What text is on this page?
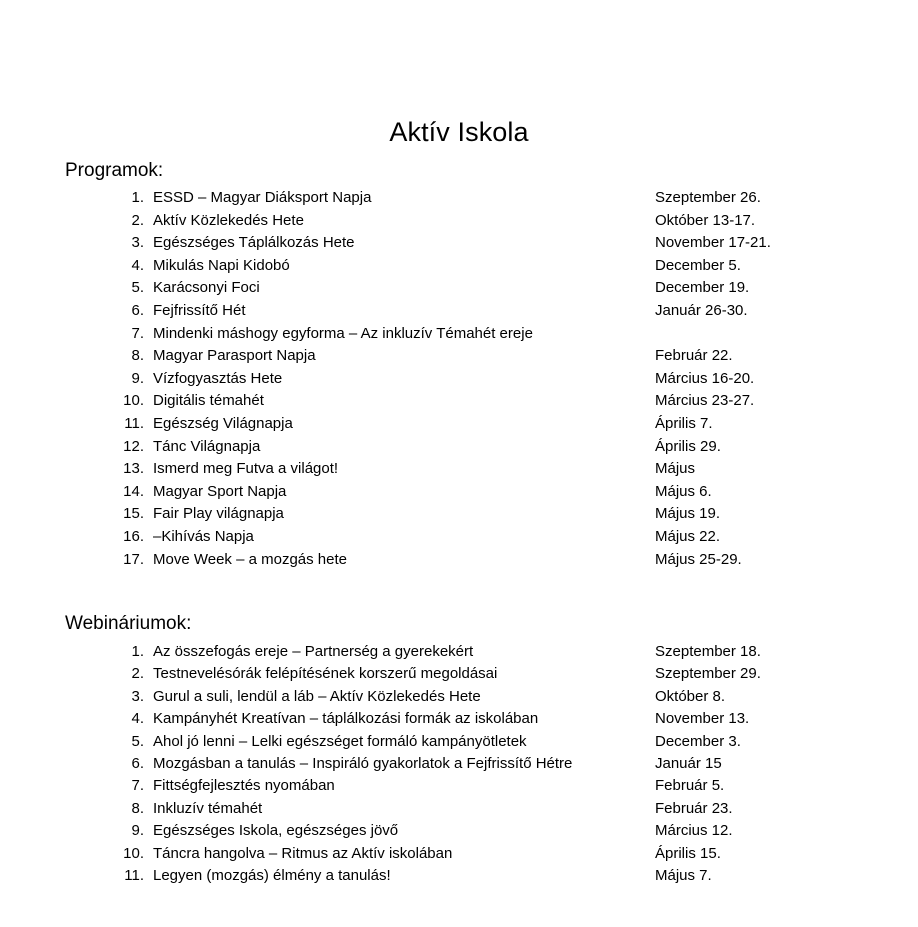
Aktív Iskola
Programok:
1. ESSD – Magyar Diáksport Napja	Szeptember 26.
2. Aktív Közlekedés Hete	Október 13-17.
3. Egészséges Táplálkozás Hete	November 17-21.
4. Mikulás Napi Kidobó	December 5.
5. Karácsonyi Foci	December 19.
6. Fejfrissítő Hét	Január 26-30.
7. Mindenki máshogy egyforma – Az inkluzív Témahét ereje
8. Magyar Parasport Napja	Február 22.
9. Vízfogyasztás Hete	Március 16-20.
10. Digitális témahét	Március 23-27.
11. Egészség Világnapja	Április 7.
12. Tánc Világnapja	Április 29.
13. Ismerd meg Futva a világot!	Május
14. Magyar Sport Napja	Május 6.
15. Fair Play világnapja	Május 19.
16. –Kihívás Napja	Május 22.
17. Move Week – a mozgás hete	Május 25-29.
Webináriumok:
1. Az összefogás ereje – Partnerség a gyerekekért	Szeptember 18.
2. Testnevelésórák felépítésének korszerű megoldásai	Szeptember 29.
3. Gurul a suli, lendül a láb – Aktív Közlekedés Hete	Október 8.
4. Kampányhét Kreatívan – táplálkozási formák az iskolában	November 13.
5. Ahol jó lenni – Lelki egészséget formáló kampányötletek	December 3.
6. Mozgásban a tanulás – Inspiráló gyakorlatok a Fejfrissítő Hétre	Január 15
7. Fittségfejlesztés nyomában	Február 5.
8. Inkluzív témahét	Február 23.
9. Egészséges Iskola, egészséges jövő	Március 12.
10. Táncra hangolva – Ritmus az Aktív iskolában	Április 15.
11. Legyen (mozgás) élmény a tanulás!	Május 7.
